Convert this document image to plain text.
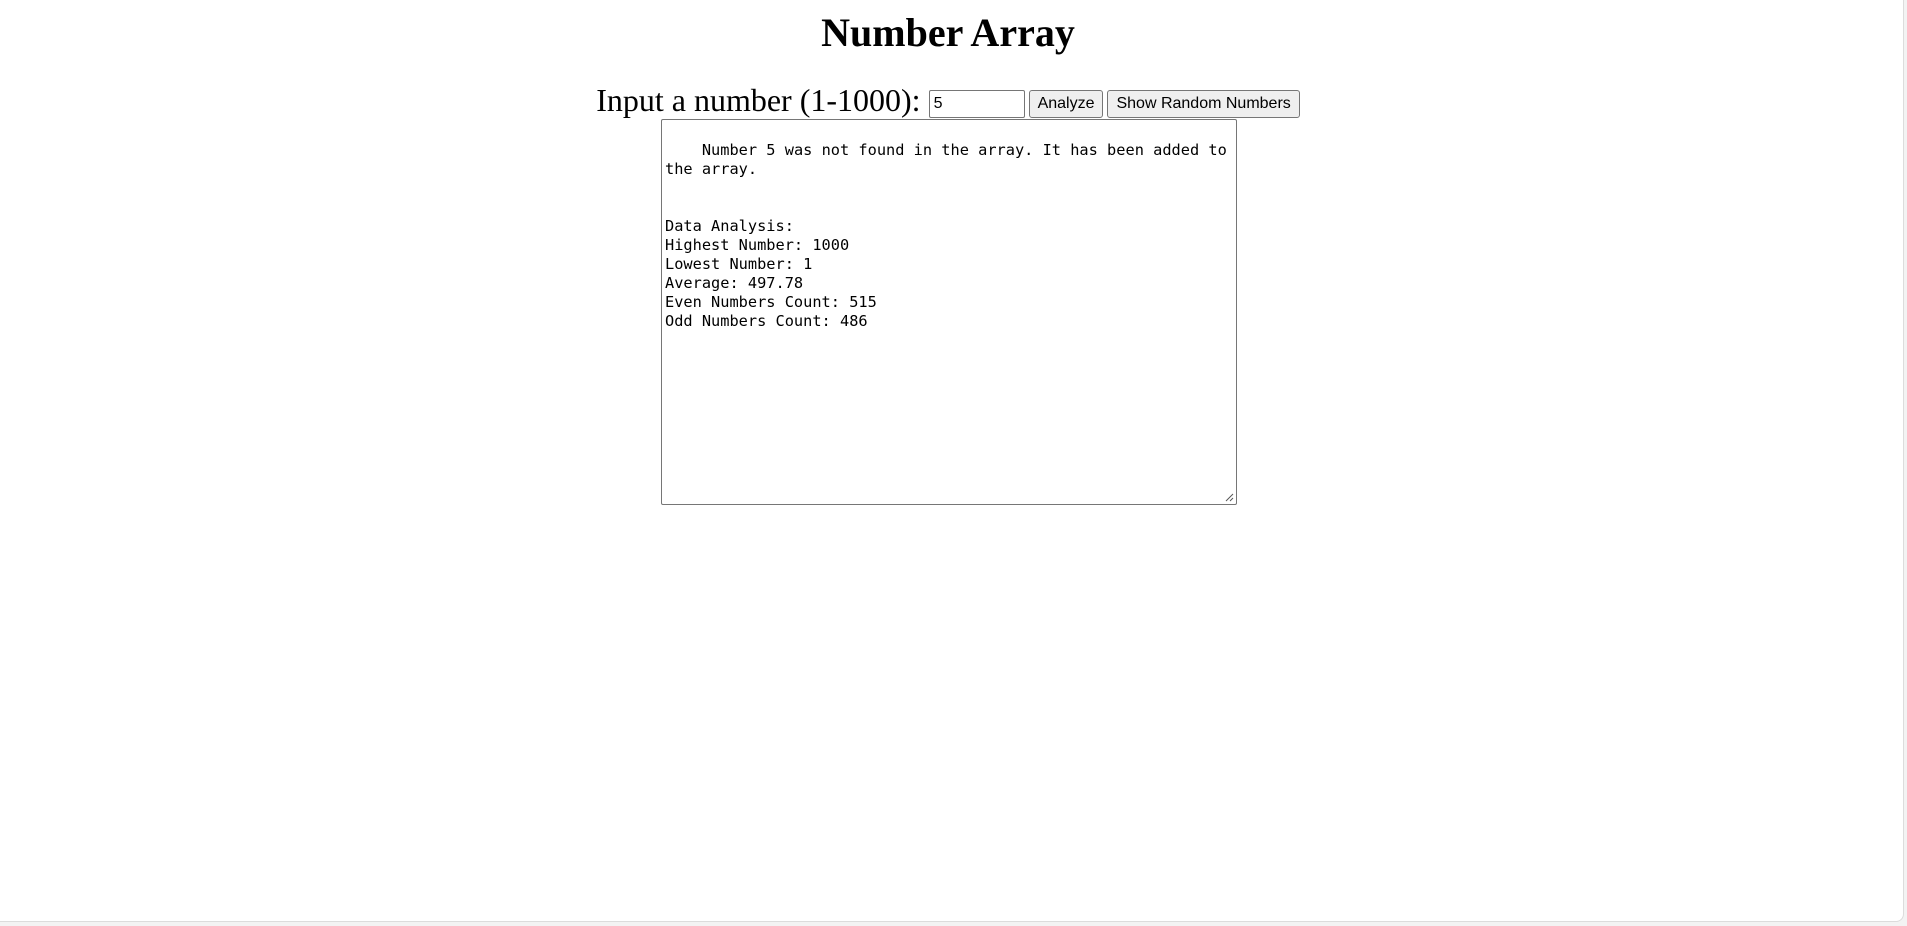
Number Array
Input a number (1-1000):5	Analyze Show Random Numbers

Number 5 was not found in the array. It has been added to the array.

Data Analysis:
Highest Number: 1000
Lowest Number: 1
Average: 497.78
Even Numbers Count: 515
Odd Numbers Count: 486
